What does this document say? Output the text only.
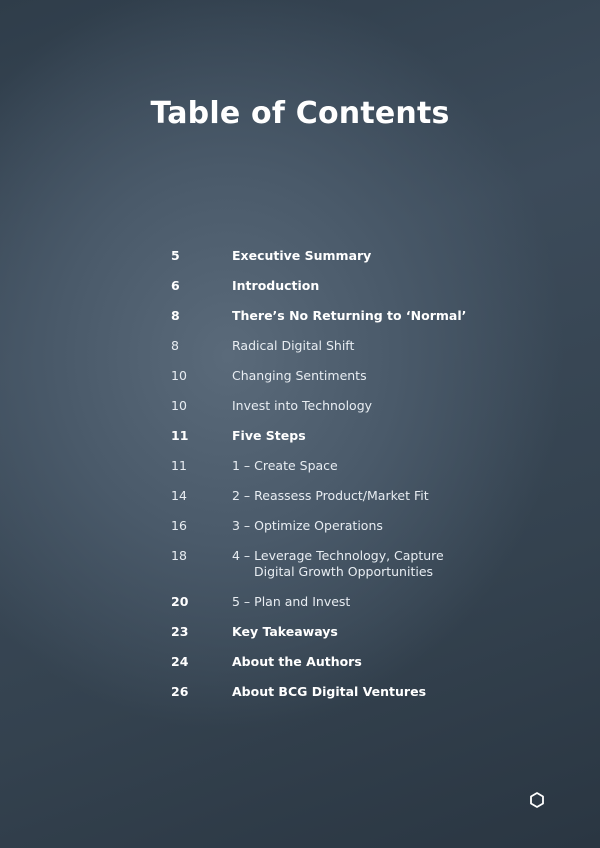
Table of Contents
5	Executive Summary
6	Introduction
8	There’s No Returning to ‘Normal’
8	Radical Digital Shift
10	Changing Sentiments
10	Invest into Technology
11	Five Steps
11	1 – Create Space
14	2 – Reassess Product/Market Fit
16	3 – Optimize Operations
18	4 – Leverage Technology, Capture
Digital Growth Opportunities
20	5 – Plan and Invest
23	Key Takeaways
24	About the Authors
26	About BCG Digital Ventures
